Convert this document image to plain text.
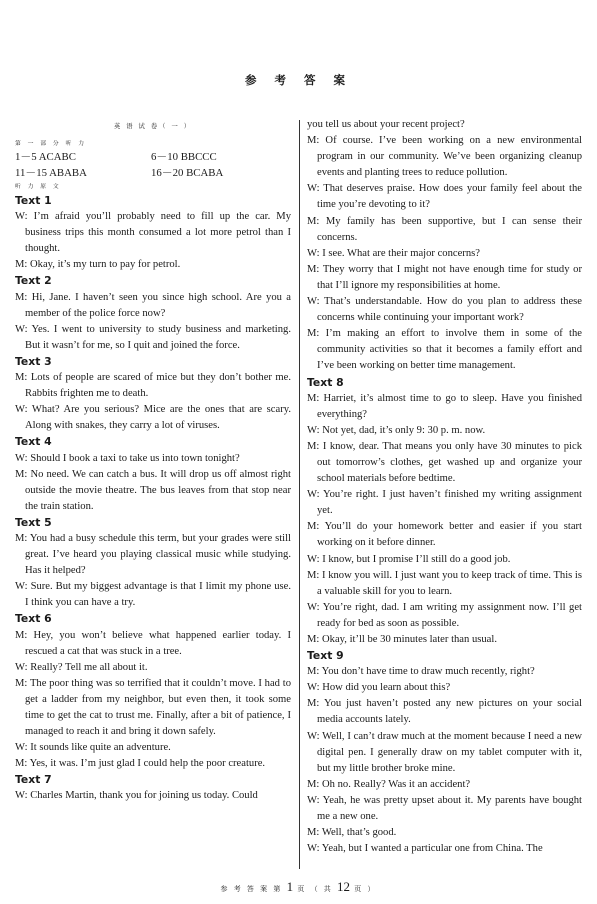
参 考 答 案
英 语 试 卷（ 一 ）
第 一 部 分 听 力
1－5 ACABC	6－10 BBCCC
11－15 ABABA	16－20 BCABA
听 力 原 文
Text 1
W: I’m afraid you’ll probably need to fill up the car. My business trips this month consumed a lot more petrol than I thought.
M: Okay, it’s my turn to pay for petrol.
Text 2
M: Hi, Jane. I haven’t seen you since high school. Are you a member of the police force now?
W: Yes. I went to university to study business and marketing. But it wasn’t for me, so I quit and joined the force.
Text 3
M: Lots of people are scared of mice but they don’t bother me. Rabbits frighten me to death.
W: What? Are you serious? Mice are the ones that are scary. Along with snakes, they carry a lot of viruses.
Text 4
W: Should I book a taxi to take us into town tonight?
M: No need. We can catch a bus. It will drop us off almost right outside the movie theatre. The bus leaves from that stop near the train station.
Text 5
M: You had a busy schedule this term, but your grades were still great. I’ve heard you playing classical music while studying. Has it helped?
W: Sure. But my biggest advantage is that I limit my phone use. I think you can have a try.
Text 6
M: Hey, you won’t believe what happened earlier today. I rescued a cat that was stuck in a tree.
W: Really? Tell me all about it.
M: The poor thing was so terrified that it couldn’t move. I had to get a ladder from my neighbor, but even then, it took some time to get the cat to trust me. Finally, after a bit of patience, I managed to reach it and bring it down safely.
W: It sounds like quite an adventure.
M: Yes, it was. I’m just glad I could help the poor creature.
Text 7
W: Charles Martin, thank you for joining us today. Could
you tell us about your recent project?
M: Of course. I’ve been working on a new environmental program in our community. We’ve been organizing cleanup events and planting trees to reduce pollution.
W: That deserves praise. How does your family feel about the time you’re devoting to it?
M: My family has been supportive, but I can sense their concerns.
W: I see. What are their major concerns?
M: They worry that I might not have enough time for study or that I’ll ignore my responsibilities at home.
W: That’s understandable. How do you plan to address these concerns while continuing your important work?
M: I’m making an effort to involve them in some of the community activities so that it becomes a family effort and I’ve been working on better time management.
Text 8
M: Harriet, it’s almost time to go to sleep. Have you finished everything?
W: Not yet, dad, it’s only 9: 30 p. m. now.
M: I know, dear. That means you only have 30 minutes to pick out tomorrow’s clothes, get washed up and organize your school materials before bedtime.
W: You’re right. I just haven’t finished my writing assignment yet.
M: You’ll do your homework better and easier if you start working on it before dinner.
W: I know, but I promise I’ll still do a good job.
M: I know you will. I just want you to keep track of time. This is a valuable skill for you to learn.
W: You’re right, dad. I am writing my assignment now. I’ll get ready for bed as soon as possible.
M: Okay, it’ll be 30 minutes later than usual.
Text 9
M: You don’t have time to draw much recently, right?
W: How did you learn about this?
M: You just haven’t posted any new pictures on your social media accounts lately.
W: Well, I can’t draw much at the moment because I need a new digital pen. I generally draw on my tablet computer with it, but my little brother broke mine.
M: Oh no. Really? Was it an accident?
W: Yeah, he was pretty upset about it. My parents have bought me a new one.
M: Well, that’s good.
W: Yeah, but I wanted a particular one from China. The
参 考 答 案 第 1 页 （ 共 12 页 ）
